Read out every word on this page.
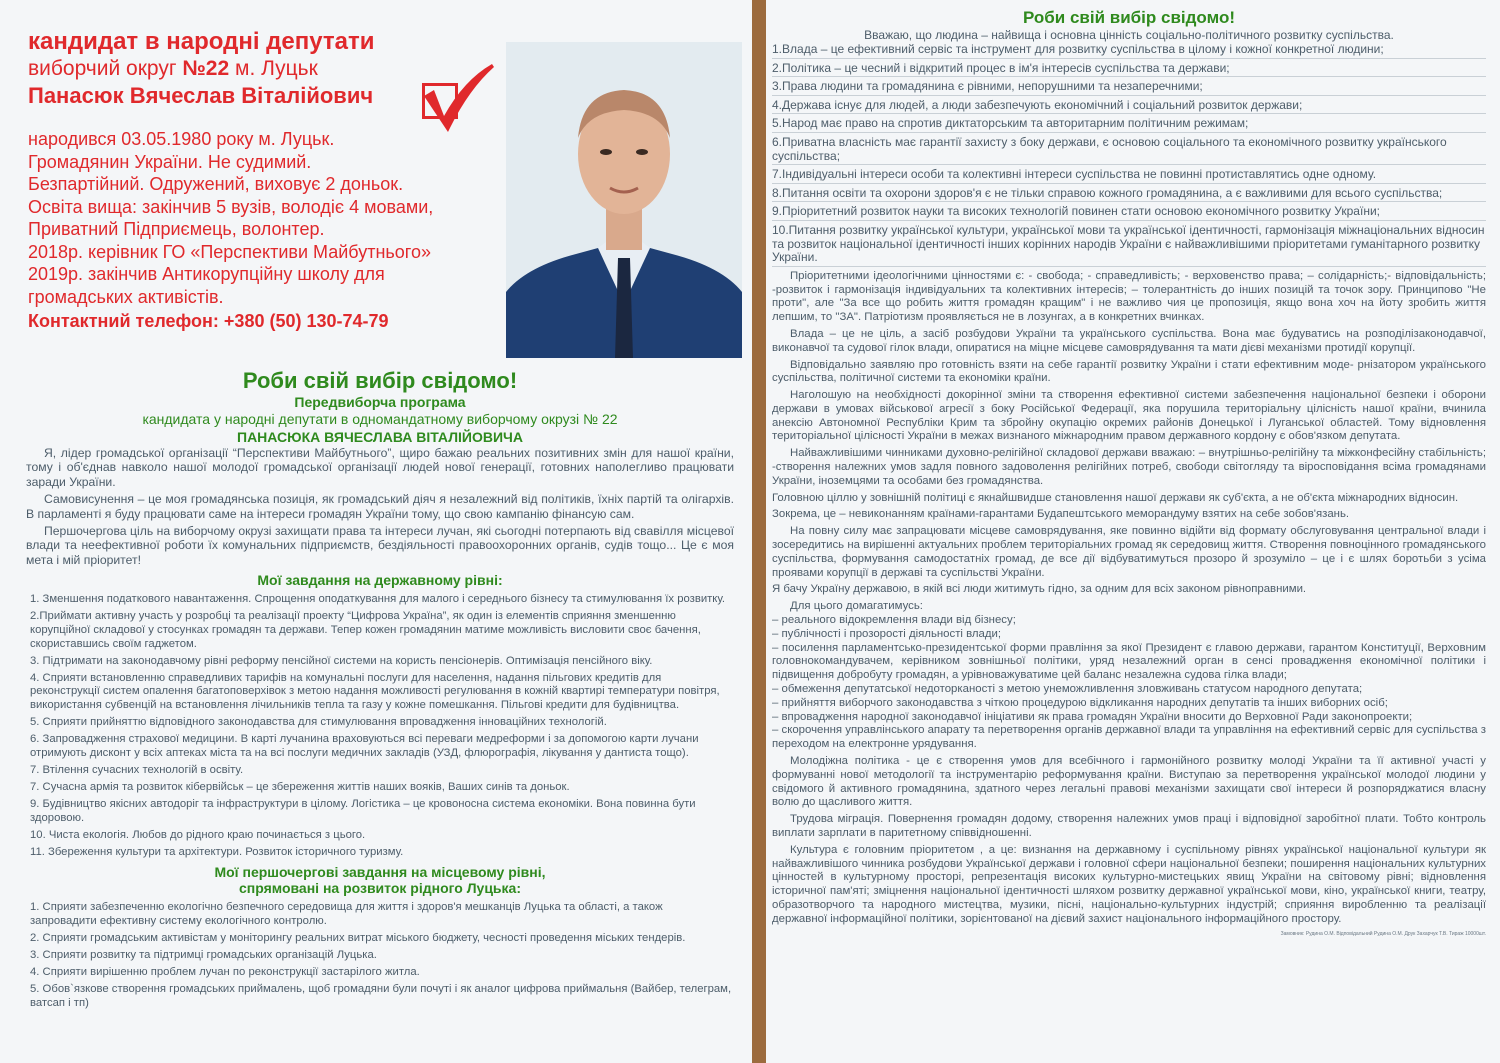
кандидат в народні депутати
виборчий округ №22 м. Луцьк
Панасюк Вячеслав Віталійович
народився 03.05.1980 року м. Луцьк.
Громадянин України. Не судимий.
Безпартійний. Одружений, виховує 2 доньок.
Освіта вища: закінчив 5 вузів, володіє 4 мовами,
Приватний Підприємець, волонтер.
2018р. керівник ГО «Перспективи Майбутнього»
2019р. закінчив Антикорупційну школу для
громадських активістів.
Контактний телефон: +380 (50) 130-74-79
Роби свій вибір свідомо!
Передвиборча програма
кандидата у народні депутати в одномандатному виборчому окрузі № 22
ПАНАСЮКА ВЯЧЕСЛАВА ВІТАЛІЙОВИЧА
Я, лідер громадської організації “Перспективи Майбутнього”, щиро бажаю реальних позитивних змін для нашої країни, тому і об'єднав навколо нашої молодої громадської організації людей нової генерації, готовних наполегливо працювати заради України.
Самовисунення – це моя громадянська позиція, як громадський діяч я незалежний від політиків, їхніх партій та олігархів. В парламенті я буду працювати саме на інтереси громадян України тому, що свою кампанію фінансую сам.
Першочергова ціль на виборчому окрузі захищати права та інтереси лучан, які сьогодні потерпають від свавілля місцевої влади та неефективної роботи їх комунальних підприємств, бездіяльності правоохоронних органів, судів тощо... Це є моя мета і мій пріоритет!
Мої завдання на державному рівні:
1. Зменшення податкового навантаження. Спрощення оподаткування для малого і середнього бізнесу та стимулювання їх розвитку.
2.Приймати активну участь у розробці та реалізації проекту “Цифрова Україна”, як один із елементів сприяння зменшенню корупційної складової у стосунках громадян та держави. Тепер кожен громадянин матиме можливість висловити своє бачення, скориставшись своїм гаджетом.
3. Підтримати на законодавчому рівні реформу пенсійної системи на користь пенсіонерів. Оптимізація пенсійного віку.
4. Сприяти встановленню справедливих тарифів на комунальні послуги для населення, надання пільгових кредитів для реконструкції систем опалення багатоповерхівок з метою надання можливості регулювання в кожній квартирі температури повітря, використання субвенцій на встановлення лічильників тепла та газу у кожне помешкання. Пільгові кредити для будівництва.
5. Сприяти прийняттю відповідного законодавства для стимулювання впровадження інноваційних технологій.
6. Запровадження страхової медицини. В карті лучанина враховуються всі переваги медреформи і за допомогою карти лучани отримують дисконт у всіх аптеках міста та на всі послуги медичних закладів (УЗД, флюрографія, лікування у дантиста тощо).
7. Втілення сучасних технологій в освіту.
7. Сучасна армія та розвиток кібервійськ – це збереження життів наших вояків, Ваших синів та доньок.
9. Будівництво якісних автодоріг та інфраструктури в цілому. Логістика – це кровоносна система економіки. Вона повинна бути здоровою.
10. Чиста екологія. Любов до рідного краю починається з цього.
11. Збереження культури та архітектури. Розвиток історичного туризму.
Мої першочергові завдання на місцевому рівні,
спрямовані на розвиток рідного Луцька:
1. Сприяти забезпеченню екологічно безпечного середовища для життя і здоров'я мешканців Луцька та області, а також запровадити ефективну систему екологічного контролю.
2. Сприяти громадським активістам у моніторингу реальних витрат міського бюджету, чесності проведення міських тендерів.
3. Сприяти розвитку та підтримці громадських організацій Луцька.
4. Сприяти вирішенню проблем лучан по реконструкції застарілого житла.
5. Обов`язкове створення громадських приймалень, щоб громадяни були почуті і як аналог цифрова приймальня (Вайбер, телеграм, ватсап і тп)
Роби свій вибір свідомо!
Вважаю, що людина – найвища і основна цінність соціально-політичного розвитку суспільства.
1.Влада – це ефективний сервіс та інструмент для розвитку суспільства в цілому і кожної конкретної людини;
2.Політика – це чесний і відкритий процес в ім'я інтересів суспільства та держави;
3.Права людини та громадянина є рівними, непорушними та незаперечними;
4.Держава існує для людей, а люди забезпечують економічний і соціальний розвиток держави;
5.Народ має право на спротив диктаторським та авторитарним політичним режимам;
6.Приватна власність має гарантії захисту з боку держави, є основою соціального та економічного розвитку українського суспільства;
7.Індивідуальні інтереси особи та колективні інтереси суспільства не повинні протиставлятись одне одному.
8.Питання освіти та охорони здоров'я є не тільки справою кожного громадянина, а є важливими для всього суспільства;
9.Пріоритетний розвиток науки та високих технологій повинен стати основою економічного розвитку України;
10.Питання розвитку української культури, української мови та української ідентичності, гармонізація міжнаціональних відносин та розвиток національної ідентичності інших корінних народів України є найважливішими пріоритетами гуманітарного розвитку України.
Пріоритетними ідеологічними цінностями є: - свобода; - справедливість; - верховенство права; – солідарність;- відповідальність; -розвиток і гармонізація індивідуальних та колективних інтересів; – толерантність до інших позицій та точок зору. Принципово "Не проти", але "За все що робить життя громадян кращим" і не важливо чия це пропозиція, якщо вона хоч на йоту зробить життя лепшим, то "ЗА". Патріотизм проявляється не в лозунгах, а в конкретних вчинках.
Влада – це не ціль, а засіб розбудови України та українського суспільства. Вона має будуватись на розподілізаконодавчої, виконавчої та судової гілок влади, опиратися на міцне місцеве самоврядування та мати дієві механізми протидії корупції.
Відповідально заявляю про готовність взяти на себе гарантії розвитку України і стати ефективним моде- рнізатором українського суспільства, політичної системи та економіки країни.
Наголошую на необхідності докорінної зміни та створення ефективної системи забезпечення національної безпеки і оборони держави в умовах військової агресії з боку Російської Федерації, яка порушила територіальну цілісність нашої країни, вчинила анексію Автономної Республіки Крим та збройну окупацію окремих районів Донецької і Луганської областей. Тому відновлення територіальної цілісності України в межах визнаного міжнародним правом державного кордону є обов'язком депутата.
Найважливішими чинниками духовно-релігійної складової держави вважаю: – внутрішньо-релігійну та міжконфесійну стабільність; -створення належних умов задля повного задоволення релігійних потреб, свободи світогляду та віросповідання всіма громадянами України, іноземцями та особами без громадянства.
Головною ціллю у зовнішній політиці є якнайшвидше становлення нашої держави як суб'єкта, а не об'єкта міжнародних відносин.
Зокрема, це – невиконанням країнами-гарантами Будапештського меморандуму взятих на себе зобов'язань.
На повну силу має запрацювати місцеве самоврядування, яке повинно відійти від формату обслуговування центральної влади і зосередитись на вирішенні актуальних проблем територіальних громад як середовищ життя. Створення повноцінного громадянського суспільства, формування самодостатніх громад, де все дії відбуватимуться прозоро й зрозуміло – це і є шлях боротьби з усіма проявами корупції в державі та суспільстві України.
Я бачу Україну державою, в якій всі люди житимуть гідно, за одним для всіх законом рівноправними.
Для цього домагатимусь:
– реального відокремлення влади від бізнесу;
– публічності і прозорості діяльності влади;
– посилення парламентсько-президентської форми правління за якої Президент є главою держави, гарантом Конституції, Верховним головнокомандувачем, керівником зовнішньої політики, уряд незалежний орган в сенсі провадження економічної політики і підвищення добробуту громадян, а урівноважуватиме цей баланс незалежна судова гілка влади;
– обмеження депутатської недоторканості з метою унеможливлення зловживань статусом народного депутата;
– прийняття виборчого законодавства з чіткою процедурою відкликання народних депутатів та інших виборних осіб;
– впровадження народної законодавчої ініціативи як права громадян України вносити до Верховної Ради законопроекти;
– скорочення управлінського апарату та перетворення органів державної влади та управління на ефективний сервіс для суспільства з переходом на електронне урядування.
Молодіжна політика - це є створення умов для всебічного і гармонійного розвитку молоді України та її активної участі у формуванні нової методології та інструментарію реформування країни. Виступаю за перетворення української молодої людини у свідомого й активного громадянина, здатного через легальні правові механізми захищати свої інтереси й розпоряджатися власну волю до щасливого життя.
Трудова міграція. Повернення громадян додому, створення належних умов праці і відповідної заробітної плати. Тобто контроль виплати зарплати в паритетному співвідношенні.
Культура є головним пріоритетом , а це: визнання на державному і суспільному рівнях української національної культури як найважливішого чинника розбудови Української держави і головної сфери національної безпеки; поширення національних культурних цінностей в культурному просторі, репрезентація високих культурно-мистецьких явищ України на світовому рівні; відновлення історичної пам'яті; зміцнення національної ідентичності шляхом розвитку державної української мови, кіно, української книги, театру, образотворчого та народного мистецтва, музики, пісні, національно-культурних індустрій; сприяння виробленню та реалізації державної інформаційної політики, зорієнтованої на дієвий захист національного інформаційного простору.
Замовник: Рудина О.М. Відповідальний Рудина О.М. Друк Захарчук Т.В. Тираж 10000шт.
